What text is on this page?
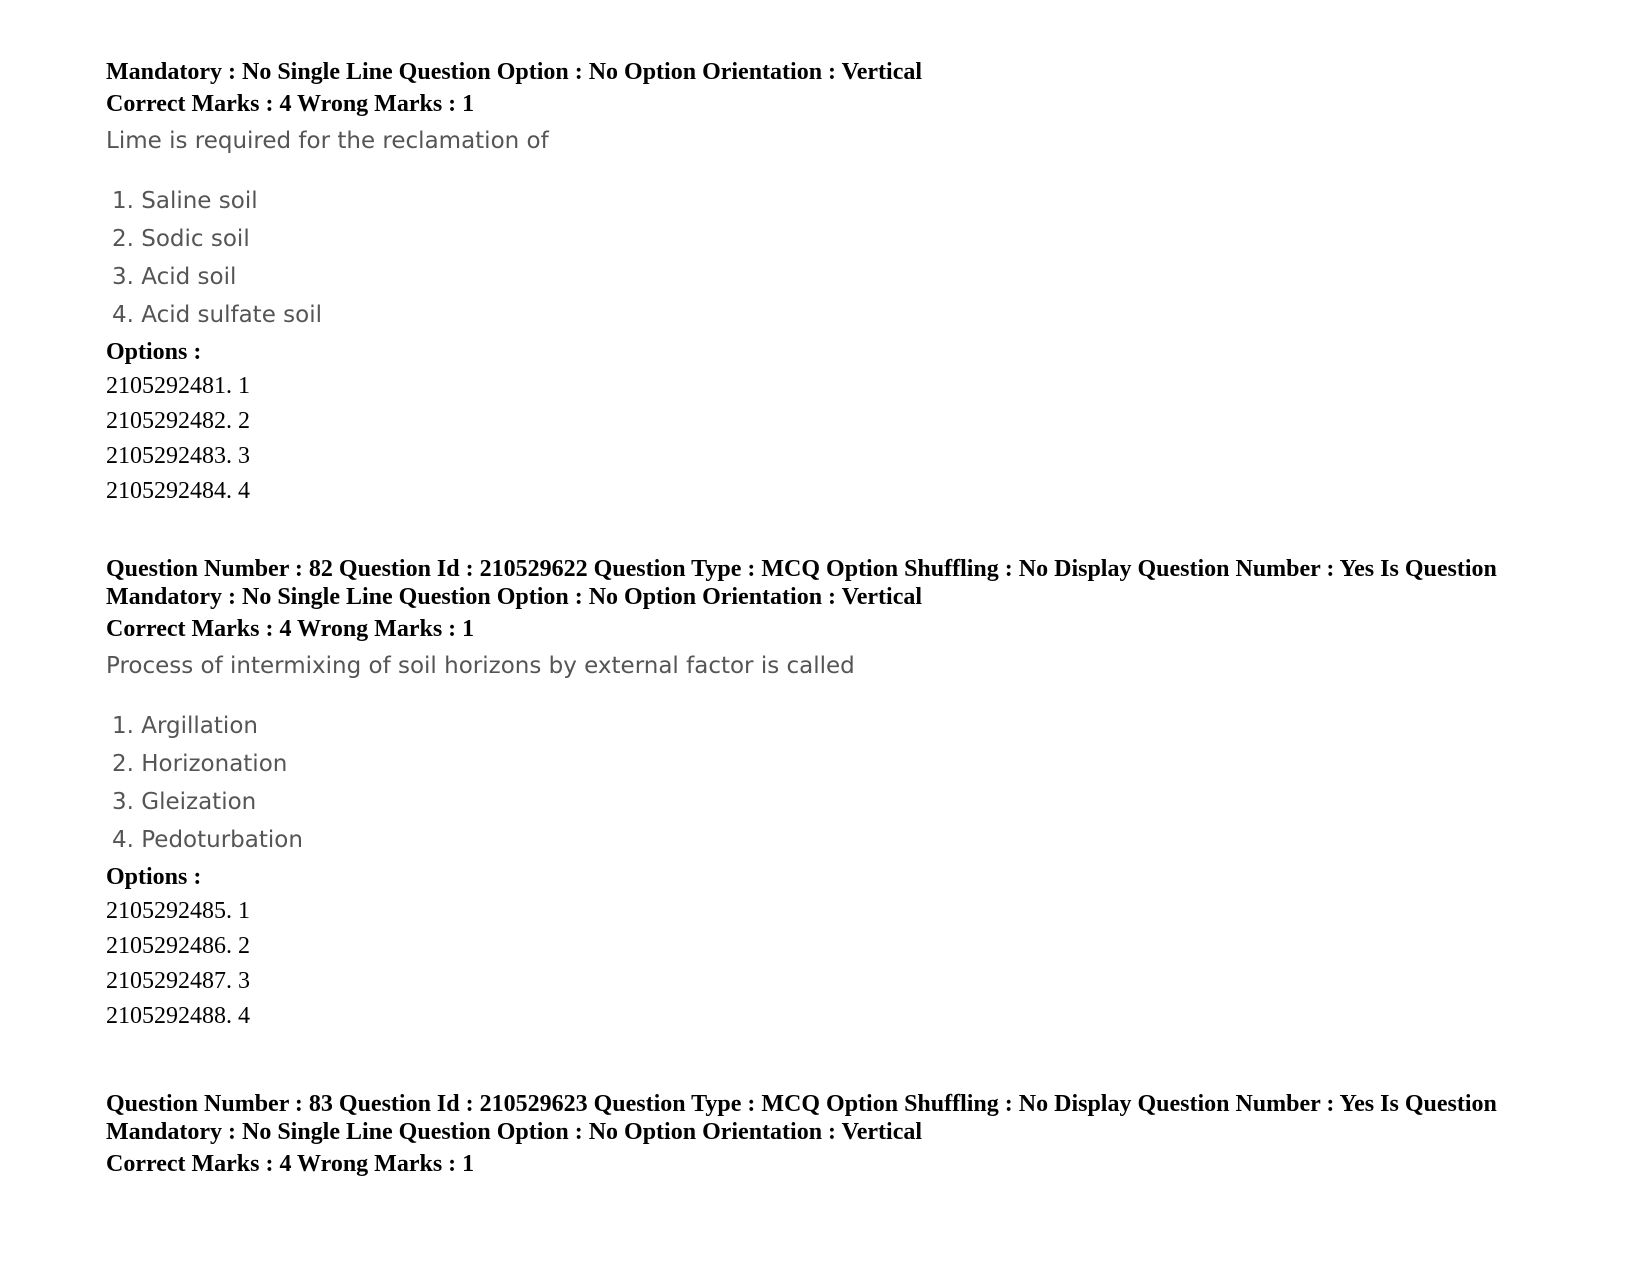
Mandatory : No Single Line Question Option : No Option Orientation : Vertical
Correct Marks : 4 Wrong Marks : 1
Lime is required for the reclamation of
1. Saline soil
2. Sodic soil
3. Acid soil
4. Acid sulfate soil
Options :
2105292481. 1
2105292482. 2
2105292483. 3
2105292484. 4
Question Number : 82 Question Id : 210529622 Question Type : MCQ Option Shuffling : No Display Question Number : Yes Is Question
Mandatory : No Single Line Question Option : No Option Orientation : Vertical
Correct Marks : 4 Wrong Marks : 1
Process of intermixing of soil horizons by external factor is called
1. Argillation
2. Horizonation
3. Gleization
4. Pedoturbation
Options :
2105292485. 1
2105292486. 2
2105292487. 3
2105292488. 4
Question Number : 83 Question Id : 210529623 Question Type : MCQ Option Shuffling : No Display Question Number : Yes Is Question
Mandatory : No Single Line Question Option : No Option Orientation : Vertical
Correct Marks : 4 Wrong Marks : 1
